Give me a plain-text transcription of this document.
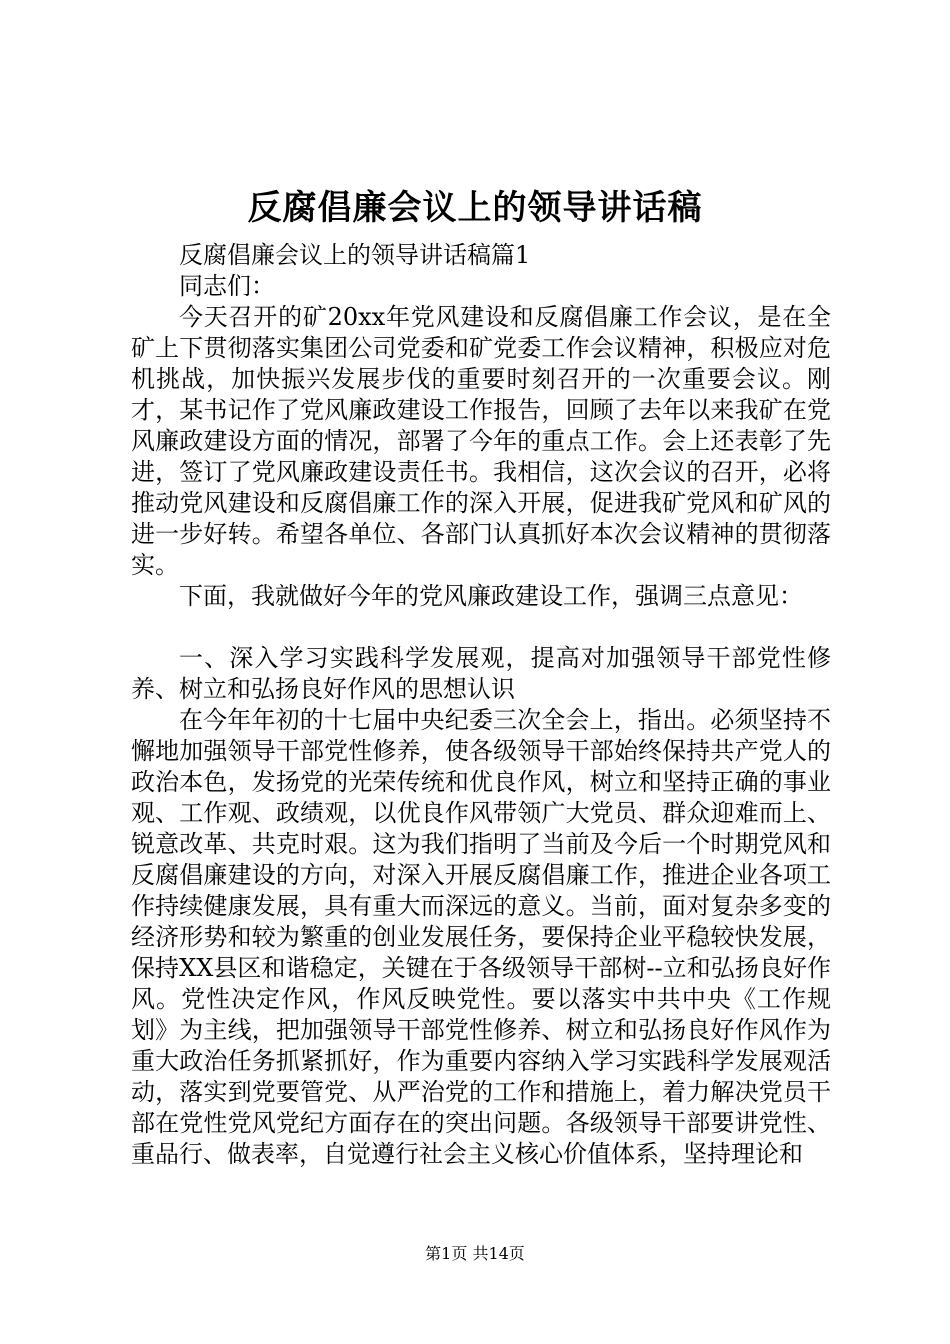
反腐倡廉会议上的领导讲话稿

反腐倡廉会议上的领导讲话稿篇1

同志们：

今天召开的矿20xx年党风建设和反腐倡廉工作会议，是在全矿上下贯彻落实集团公司党委和矿党委工作会议精神，积极应对危机挑战，加快振兴发展步伐的重要时刻召开的一次重要会议。刚才，某书记作了党风廉政建设工作报告，回顾了去年以来我矿在党风廉政建设方面的情况，部署了今年的重点工作。会上还表彰了先进，签订了党风廉政建设责任书。我相信，这次会议的召开，必将推动党风建设和反腐倡廉工作的深入开展，促进我矿党风和矿风的进一步好转。希望各单位、各部门认真抓好本次会议精神的贯彻落实。

下面，我就做好今年的党风廉政建设工作，强调三点意见：

一、深入学习实践科学发展观，提高对加强领导干部党性修养、树立和弘扬良好作风的思想认识

在今年年初的十七届中央纪委三次全会上，指出。必须坚持不懈地加强领导干部党性修养，使各级领导干部始终保持共产党人的政治本色，发扬党的光荣传统和优良作风，树立和坚持正确的事业观、工作观、政绩观，以优良作风带领广大党员、群众迎难而上、锐意改革、共克时艰。这为我们指明了当前及今后一个时期党风和反腐倡廉建设的方向，对深入开展反腐倡廉工作，推进企业各项工作持续健康发展，具有重大而深远的意义。当前，面对复杂多变的经济形势和较为繁重的创业发展任务，要保持企业平稳较快发展，保持XX县区和谐稳定，关键在于各级领导干部树--立和弘扬良好作风。党性决定作风，作风反映党性。要以落实中共中央《工作规划》为主线，把加强领导干部党性修养、树立和弘扬良好作风作为重大政治任务抓紧抓好，作为重要内容纳入学习实践科学发展观活动，落实到党要管党、从严治党的工作和措施上，着力解决党员干部在党性党风党纪方面存在的突出问题。各级领导干部要讲党性、重品行、做表率，自觉遵行社会主义核心价值体系，坚持理论和

第1页 共14页
